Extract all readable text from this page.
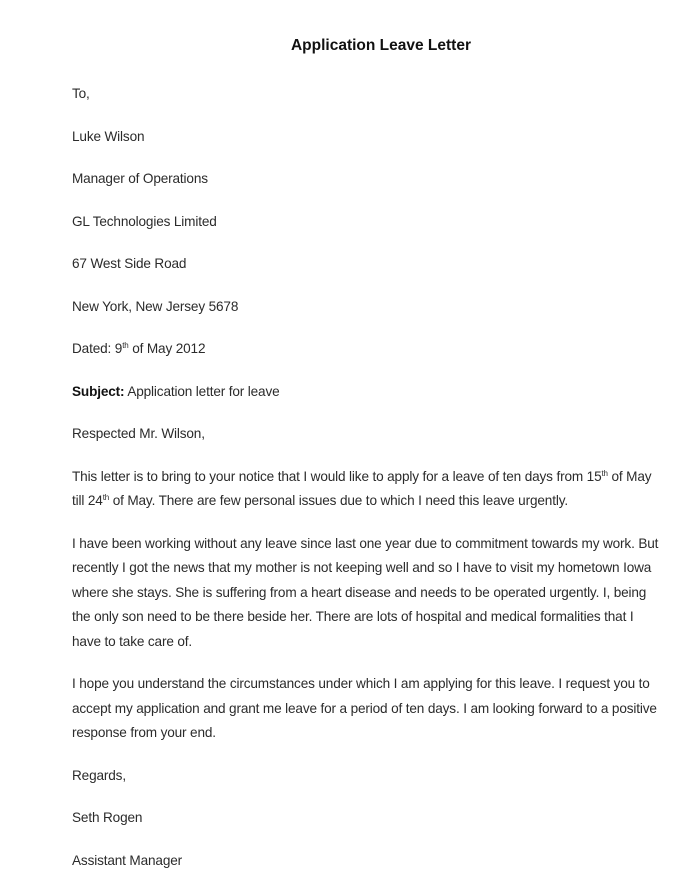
Application Leave Letter
To,
Luke Wilson
Manager of Operations
GL Technologies Limited
67 West Side Road
New York, New Jersey 5678
Dated: 9th of May 2012
Subject: Application letter for leave
Respected Mr. Wilson,
This letter is to bring to your notice that I would like to apply for a leave of ten days from 15th of May
till 24th of May. There are few personal issues due to which I need this leave urgently.
I have been working without any leave since last one year due to commitment towards my work. But
recently I got the news that my mother is not keeping well and so I have to visit my hometown Iowa
where she stays. She is suffering from a heart disease and needs to be operated urgently. I, being
the only son need to be there beside her. There are lots of hospital and medical formalities that I
have to take care of.
I hope you understand the circumstances under which I am applying for this leave. I request you to
accept my application and grant me leave for a period of ten days. I am looking forward to a positive
response from your end.
Regards,
Seth Rogen
Assistant Manager
